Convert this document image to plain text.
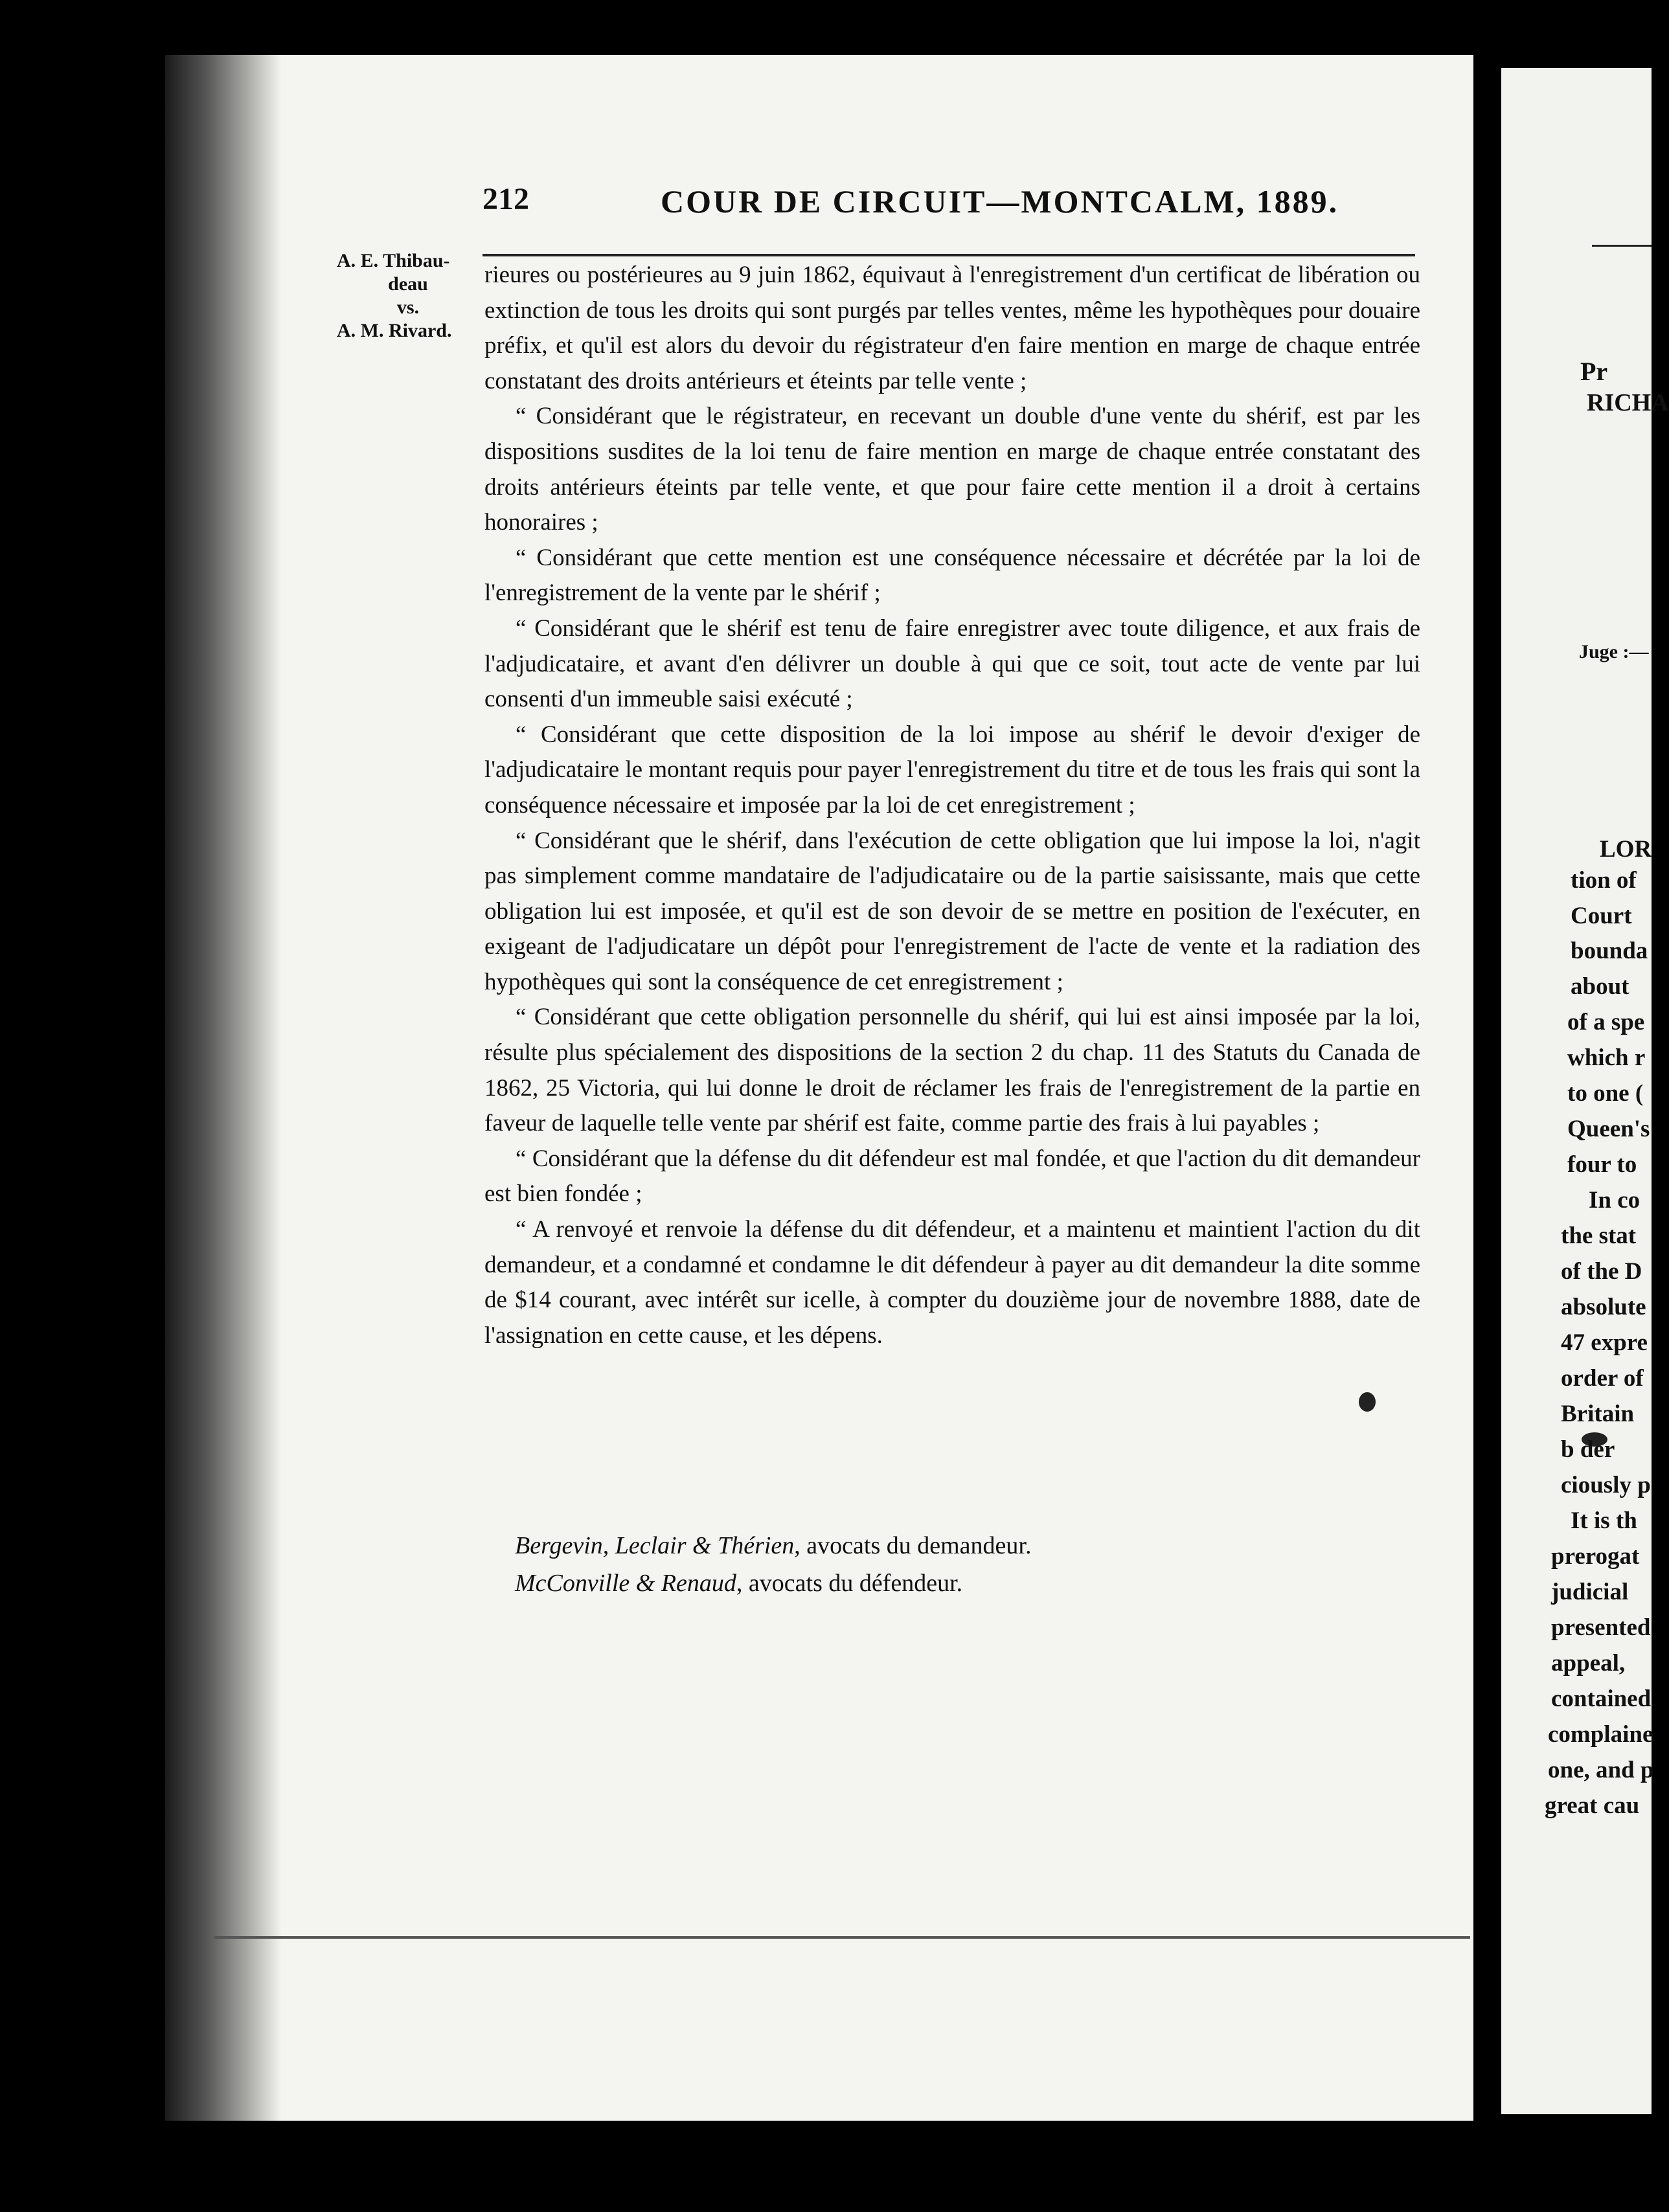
212	COUR DE CIRCUIT—MONTCALM, 1889.
A. E. Thibau-
deau
vs.
A. M. Rivard.

rieures ou postérieures au 9 juin 1862, équivaut à l'enregistrement d'un certificat de libération ou extinction de tous les droits qui sont purgés par telles ventes, même les hypothèques pour douaire préfix, et qu'il est alors du devoir du régistrateur d'en faire mention en marge de chaque entrée constatant des droits antérieurs et éteints par telle vente ;

“ Considérant que le régistrateur, en recevant un double d'une vente du shérif, est par les dispositions susdites de la loi tenu de faire mention en marge de chaque entrée constatant des droits antérieurs éteints par telle vente, et que pour faire cette mention il a droit à certains honoraires ;

“ Considérant que cette mention est une conséquence nécessaire et décrétée par la loi de l'enregistrement de la vente par le shérif ;

“ Considérant que le shérif est tenu de faire enregistrer avec toute diligence, et aux frais de l'adjudicataire, et avant d'en délivrer un double à qui que ce soit, tout acte de vente par lui consenti d'un immeuble saisi exécuté ;

“ Considérant que cette disposition de la loi impose au shérif le devoir d'exiger de l'adjudicataire le montant requis pour payer l'enregistrement du titre et de tous les frais qui sont la conséquence nécessaire et imposée par la loi de cet enregistrement ;

“ Considérant que le shérif, dans l'exécution de cette obligation que lui impose la loi, n'agit pas simplement comme mandataire de l'adjudicataire ou de la partie saisissante, mais que cette obligation lui est imposée, et qu'il est de son devoir de se mettre en position de l'exécuter, en exigeant de l'adjudicatare un dépôt pour l'enregistrement de l'acte de vente et la radiation des hypothèques qui sont la conséquence de cet enregistrement ;

“ Considérant que cette obligation personnelle du shérif, qui lui est ainsi imposée par la loi, résulte plus spécialement des dispositions de la section 2 du chap. 11 des Statuts du Canada de 1862, 25 Victoria, qui lui donne le droit de réclamer les frais de l'enregistrement de la partie en faveur de laquelle telle vente par shérif est faite, comme partie des frais à lui payables ;

“ Considérant que la défense du dit défendeur est mal fondée, et que l'action du dit demandeur est bien fondée ;

“ A renvoyé et renvoie la défense du dit défendeur, et a maintenu et maintient l'action du dit demandeur, et a condamné et condamne le dit défendeur à payer au dit demandeur la dite somme de $14 courant, avec intérêt sur icelle, à compter du douzième jour de novembre 1888, date de l'assignation en cette cause, et les dépens.

Bergevin, Leclair & Thérien, avocats du demandeur.
McConville & Renaud, avocats du défendeur.
Pr
RICHA
Juge :—
LOR
tion of
Court
bounda
about
of a spe
which r
to one (
Queen's
four to
In co
the stat
of the D
absolute
47 expre
order of
Britain
b der
ciously p
It is th
prerogat
judicial
presented
appeal,
contained
complaine
one, and p
great cau
